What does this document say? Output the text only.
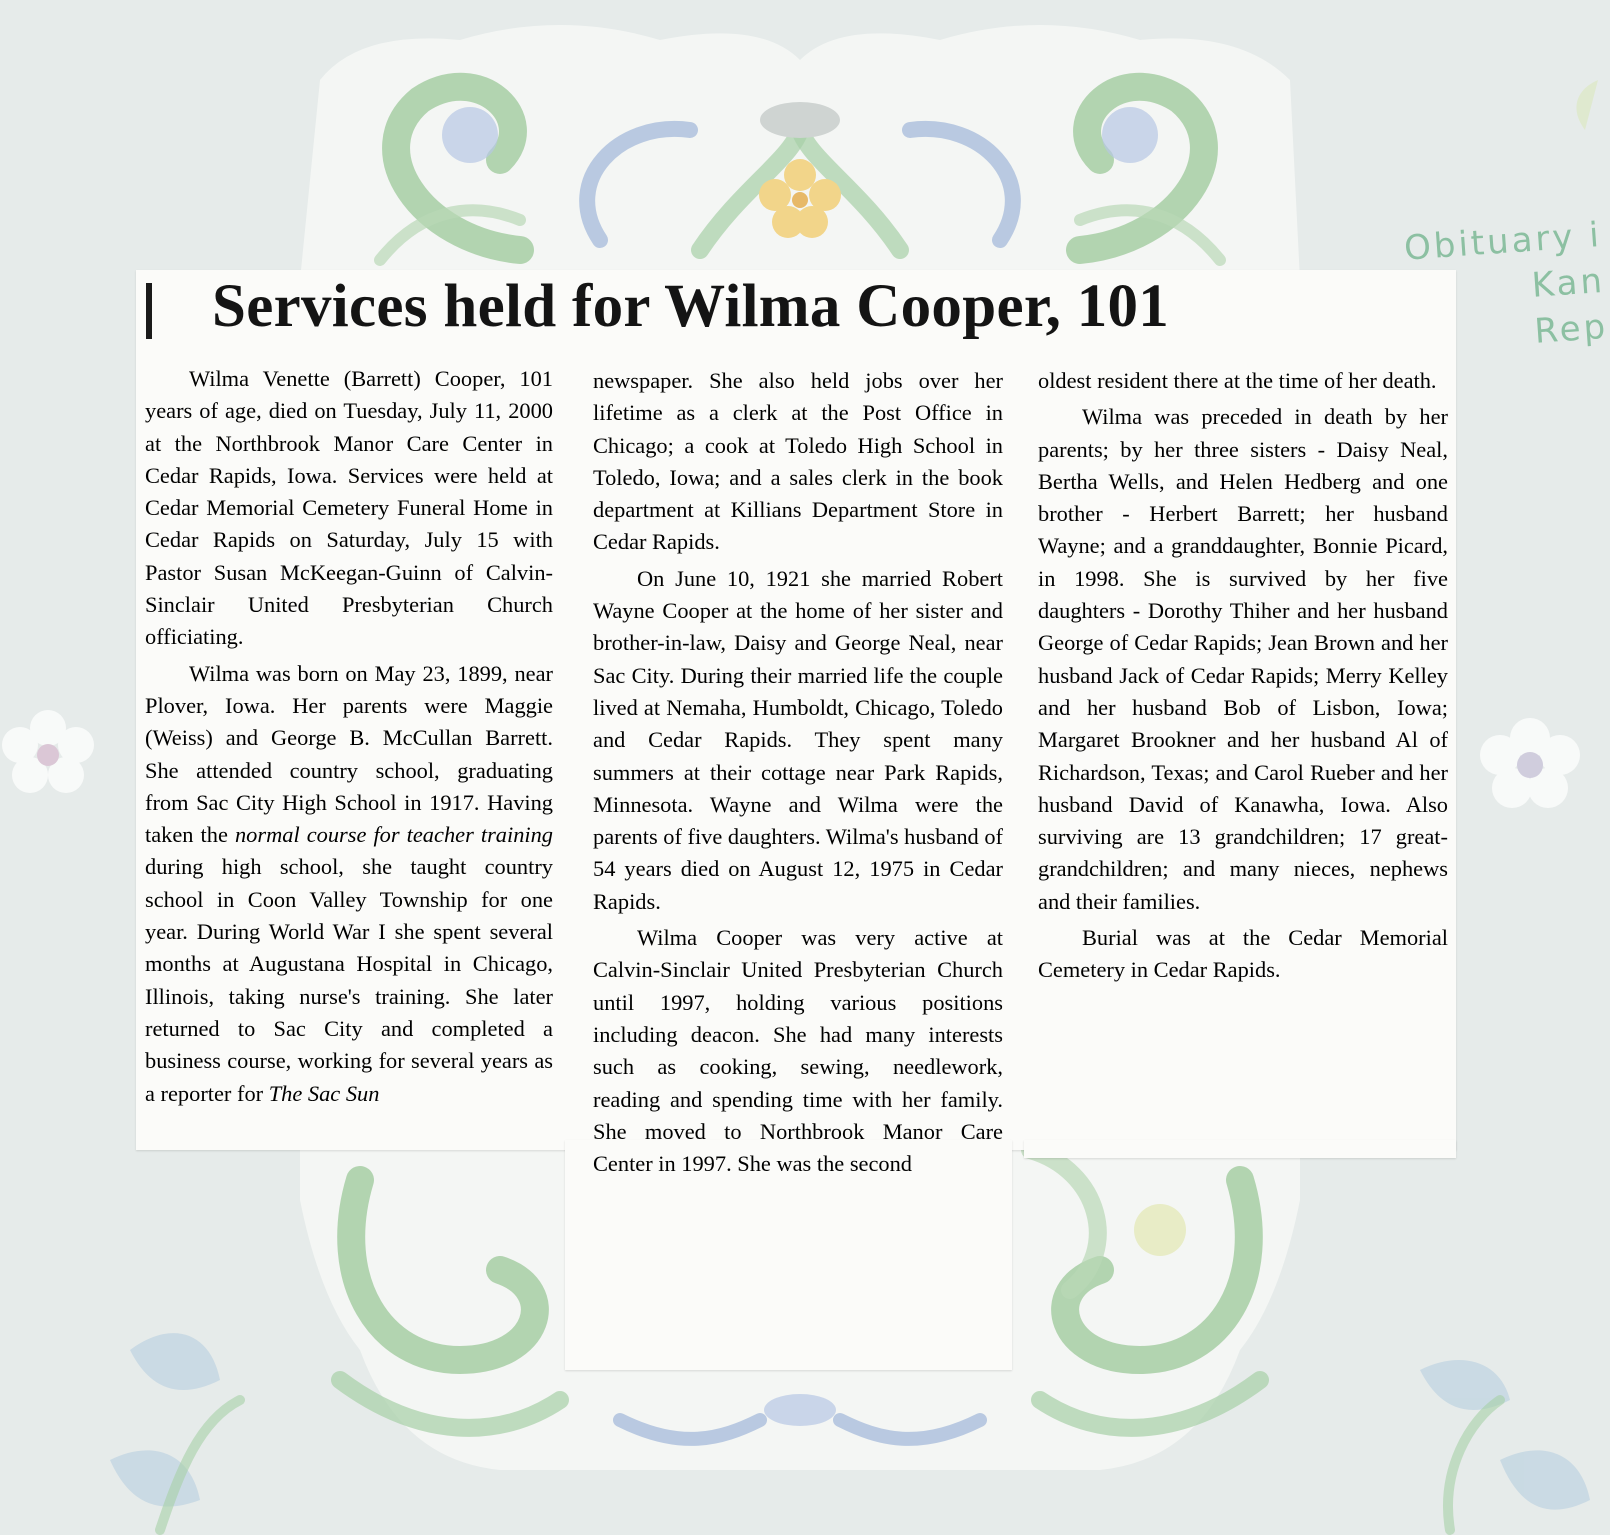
Obituary i
Kan
Rep
Services held for Wilma Cooper, 101

Wilma Venette (Barrett) Cooper, 101 years of age, died on Tuesday, July 11, 2000 at the Northbrook Manor Care Center in Cedar Rapids, Iowa. Services were held at Cedar Memorial Cemetery Funeral Home in Cedar Rapids on Saturday, July 15 with Pastor Susan McKeegan-Guinn of Calvin-Sinclair United Presbyterian Church officiating.

Wilma was born on May 23, 1899, near Plover, Iowa. Her parents were Maggie (Weiss) and George B. McCullan Barrett. She attended country school, graduating from Sac City High School in 1917. Having taken the normal course for teacher training during high school, she taught country school in Coon Valley Township for one year. During World War I she spent several months at Augustana Hospital in Chicago, Illinois, taking nurse's training. She later returned to Sac City and completed a business course, working for several years as a reporter for The Sac Sun

newspaper. She also held jobs over her lifetime as a clerk at the Post Office in Chicago; a cook at Toledo High School in Toledo, Iowa; and a sales clerk in the book department at Killians Department Store in Cedar Rapids.

On June 10, 1921 she married Robert Wayne Cooper at the home of her sister and brother-in-law, Daisy and George Neal, near Sac City. During their married life the couple lived at Nemaha, Humboldt, Chicago, Toledo and Cedar Rapids. They spent many summers at their cottage near Park Rapids, Minnesota. Wayne and Wilma were the parents of five daughters. Wilma's husband of 54 years died on August 12, 1975 in Cedar Rapids.

Wilma Cooper was very active at Calvin-Sinclair United Presbyterian Church until 1997, holding various positions including deacon. She had many interests such as cooking, sewing, needlework, reading and spending time with her family. She moved to Northbrook Manor Care Center in 1997. She was the second

oldest resident there at the time of her death.

Wilma was preceded in death by her parents; by her three sisters - Daisy Neal, Bertha Wells, and Helen Hedberg and one brother - Herbert Barrett; her husband Wayne; and a granddaughter, Bonnie Picard, in 1998. She is survived by her five daughters - Dorothy Thiher and her husband George of Cedar Rapids; Jean Brown and her husband Jack of Cedar Rapids; Merry Kelley and her husband Bob of Lisbon, Iowa; Margaret Brookner and her husband Al of Richardson, Texas; and Carol Rueber and her husband David of Kanawha, Iowa. Also surviving are 13 grandchildren; 17 great-grandchildren; and many nieces, nephews and their families.

Burial was at the Cedar Memorial Cemetery in Cedar Rapids.
